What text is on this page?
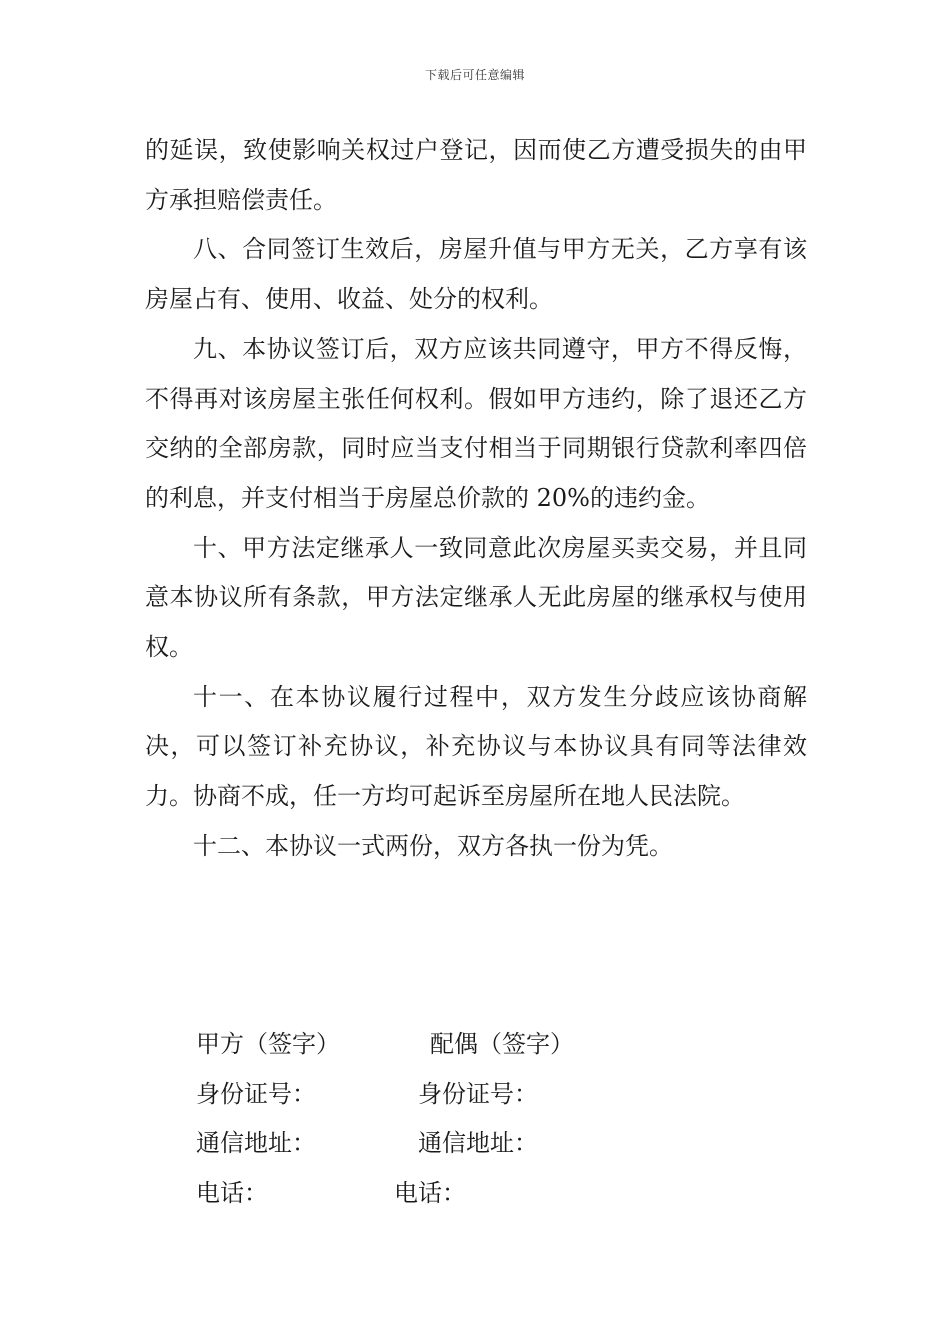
下载后可任意编辑

的延误，致使影响关权过户登记，因而使乙方遭受损失的由甲方承担赔偿责任。

八、合同签订生效后，房屋升值与甲方无关，乙方享有该房屋占有、使用、收益、处分的权利。

九、本协议签订后，双方应该共同遵守，甲方不得反悔，不得再对该房屋主张任何权利。假如甲方违约，除了退还乙方交纳的全部房款，同时应当支付相当于同期银行贷款利率四倍的利息，并支付相当于房屋总价款的 20%的违约金。

十、甲方法定继承人一致同意此次房屋买卖交易，并且同意本协议所有条款，甲方法定继承人无此房屋的继承权与使用权。

十一、在本协议履行过程中，双方发生分歧应该协商解决，可以签订补充协议，补充协议与本协议具有同等法律效力。协商不成，任一方均可起诉至房屋所在地人民法院。

十二、本协议一式两份，双方各执一份为凭。

甲方（签字）	配偶（签字）
身份证号：	身份证号：
通信地址：	通信地址：
电话：	电话：
